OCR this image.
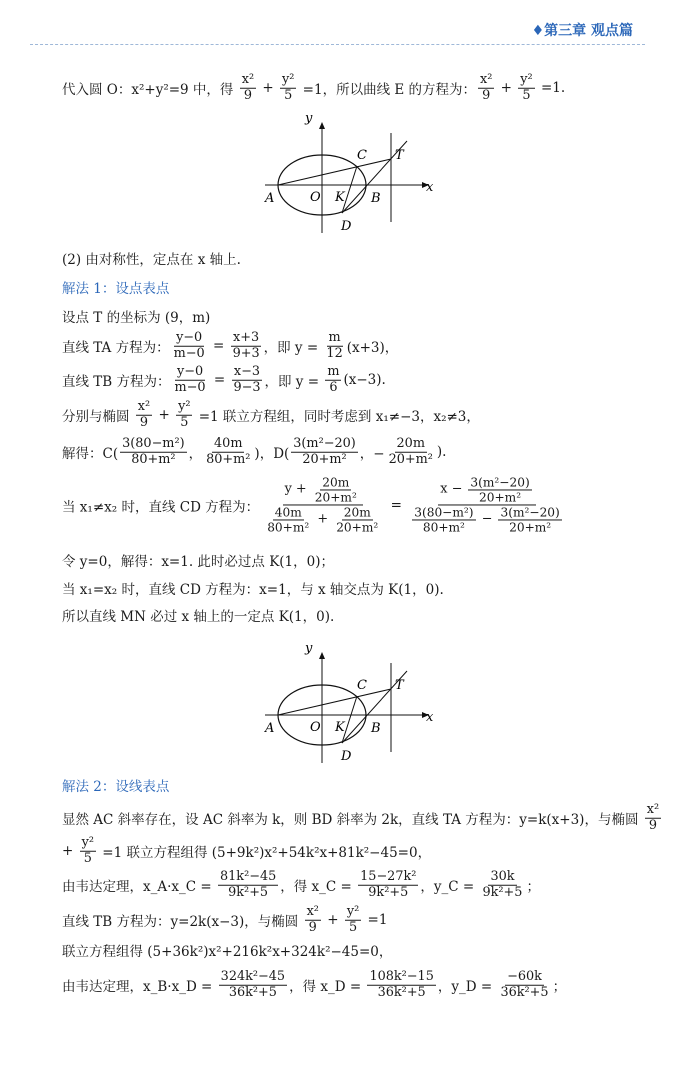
♦第三章 观点篇
代入圆 O：x²+y²=9 中，得 $\frac{\text{x²}}{9} + \frac{\text{y²}}{5} =1$，所以曲线 E 的方程为： $\frac{\text{x²}}{9} + \frac{\text{y²}}{5} =1$.
y
x
A	O K B
C
D
T
(2) 由对称性，定点在 x 轴上.
解法 1：设点表点
设点 T 的坐标为 (9，m)
直线 TA 方程为： $\frac{y-0}{m-0} = \frac{x+3}{9+3}$ ，即 $y = \frac{m}{12} (x+3)$，
直线 TB 方程为： $\frac{y-0}{m-0} = \frac{x-3}{9-3}$ ，即 $y = \frac{m}{6} (x-3)$.
分别与椭圆 $\frac{\text{x²}}{9} + \frac{\text{y²}}{5} =1$ 联立方程组，同时考虑到 x₁≠−3，x₂≠3，
解得：$C( \frac{\text{3(80−m²)}}{\text{80+m²}}$ ， $\frac{40m}{\text{80+m²}}$ )，$D( \frac{\text{3(m²−20)}}{\text{20+m²}}$ ，− $\frac{20m}{\text{20+m²}}$ ).
当 x₁≠x₂ 时，直线 CD 方程为： $\frac{y + \frac{20m}{\text{20+m²}}}{\frac{40m}{\text{80+m²}} + \frac{20m}{\text{20+m²}}} = \frac{x - \frac{\text{3(m²−20)}}{\text{20+m²}}}{\frac{\text{3(80−m²)}}{\text{80+m²}} - \frac{\text{3(m²−20)}}{\text{20+m²}}}$
令 y=0，解得：x=1. 此时必过点 K(1，0)；
当 x₁=x₂ 时，直线 CD 方程为：x=1，与 x 轴交点为 K(1，0).
所以直线 MN 必过 x 轴上的一定点 K(1，0).
y
x
A	O K B
C
D
T
解法 2：设线表点
显然 AC 斜率存在，设 AC 斜率为 k，则 BD 斜率为 2k，直线 TA 方程为：y=k(x+3)，与椭圆 $\frac{\text{x²}}{9}$
+ $\frac{\text{y²}}{5} =1$ 联立方程组得 (5+9k²)x²+54k²x+81k²−45=0，
由韦达定理，x_A·x_C = $\frac{\text{81k²−45}}{\text{9k²+5}}$ ，得 x_C = $\frac{\text{15−27k²}}{\text{9k²+5}}$ ，y_C = $\frac{30k}{\text{9k²+5}}$ ；
直线 TB 方程为：y=2k(x−3)，与椭圆 $\frac{\text{x²}}{9} + \frac{\text{y²}}{5} =1$
联立方程组得 (5+36k²)x²+216k²x+324k²−45=0，
由韦达定理，x_B·x_D = $\frac{\text{324k²−45}}{\text{36k²+5}}$ ，得 x_D = $\frac{\text{108k²−15}}{\text{36k²+5}}$ ，y_D = $\frac{-60k}{\text{36k²+5}}$ ；
